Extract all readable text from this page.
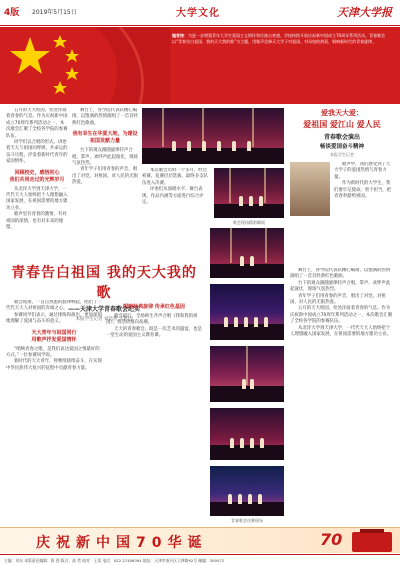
4版 2019年5月15日	大学文化	天津大学报
编者按：为进一步增强青年大学生爱国主义情怀和民族自豪感，学校持续开展庆祝新中国成立70周年系列活动。青春歌会以“青春告白祖国，我的天大我的歌”为主题，用歌声诠释天大学子对祖国、对母校的热爱，唱响新时代的青春旋律。

五月的天大校园，处处洋溢着青春的气息。作为庆祝新中国成立70周年系列活动之一，本次歌会汇聚了全校各学院的参赛队伍。

同学们以合唱的形式，讲述着天大与祖国同呼吸、共命运的奋斗历程，抒发着新时代青年的家国情怀。

回顾校史，感悟初心
我们共同走过的光辉岁月

从北洋大学到天津大学，一代代天大人始终把个人理想融入国家发展，在祖国需要的地方建功立业。

歌声里有青春的激情，有对祖国的深情，也有对未来的憧憬。

舞台上，各学院代表队精心编排，以饱满的热情演唱了一首首经典红色歌曲。

我有幸生在华夏大地，为建设祖国贡献力量

台下的观众跟随旋律轻声合唱，掌声、欢呼声此起彼伏，现场气氛热烈。

青年学子们用青春的声音，唱出了对党、对祖国、对人民的无限热爱。

本次歌会历时一个多月，经过初赛、复赛层层选拔，最终多支队伍进入决赛。

评委们从演唱水平、舞台表现、作品内涵等方面进行综合评定。

歌会现场精彩瞬间
青春告白祖国 我的天大我的歌
——天津大学青春歌会纪实
本报学生记者 刘浩然 王思远

歌会现场，一首首熟悉的旋律响起，唱出了一代代天大人对祖国的赤诚之心。

参赛同学们表示，通过排练和演出，更加深刻地理解了爱国与奋斗的意义。

天大青年与祖国同行
用歌声抒发爱国情怀

“唱响青春之歌，是我们表达爱国之情最好的方式。”一位参赛同学说。

新时代的天大青年，将继续接续奋斗，在实现中华民族伟大复兴的征程中贡献青春力量。

唱响经典旋律 传承红色基因

歌会最后，全场师生齐声合唱《我和我的祖国》，将活动推向高潮。

天大的青春歌会，既是一次艺术的盛宴，也是一堂生动的爱国主义教育课。

青春歌会决赛现场
爱我天大爱：
爱祖国 爱江山 爱人民
青春歌会演出
畅谈爱国奋斗精神
本报学生记者

歌声中，我们感受到了天大学子的爱国热情与青春力量。

作为新时代的大学生，我们要牢记使命，勇于担当，把青春奉献给祖国。

舞台上，各学院代表队精心编排，以饱满的热情演唱了一首首经典红色歌曲。

台下的观众跟随旋律轻声合唱，掌声、欢呼声此起彼伏，现场气氛热烈。

青年学子们用青春的声音，唱出了对党、对祖国、对人民的无限热爱。

五月的天大校园，处处洋溢着青春的气息。作为庆祝新中国成立70周年系列活动之一，本次歌会汇聚了全校各学院的参赛队伍。

从北洋大学到天津大学，一代代天大人始终把个人理想融入国家发展，在祖国需要的地方建功立业。

庆祝新中国70华诞	70
主编：刘东 本版责任编辑：陈 图 版式：高 苇 校对：王某 电话：022-27406394 地址：天津市南开区卫津路92号 邮编：300072
